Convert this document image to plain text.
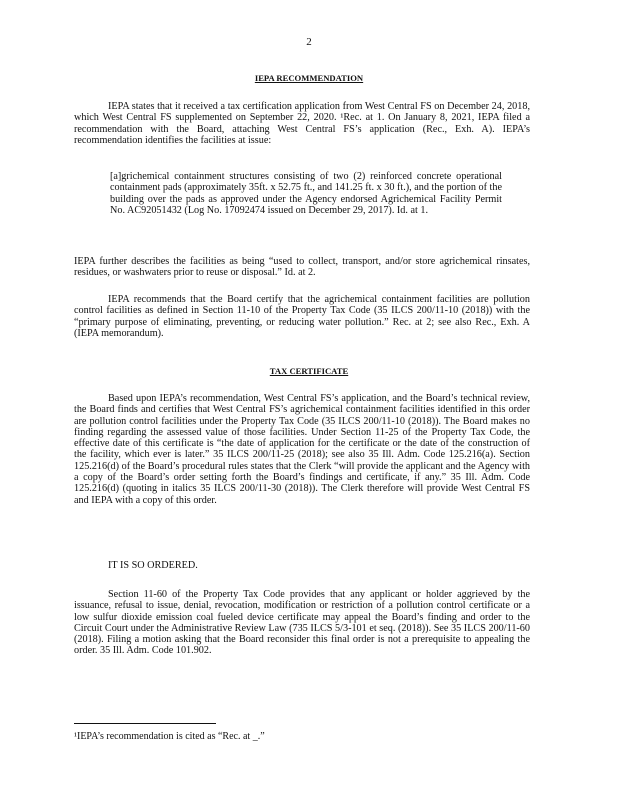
2
IEPA RECOMMENDATION

IEPA states that it received a tax certification application from West Central FS on December 24, 2018, which West Central FS supplemented on September 22, 2020. ¹Rec. at 1. On January 8, 2021, IEPA filed a recommendation with the Board, attaching West Central FS’s application (Rec., Exh. A). IEPA’s recommendation identifies the facilities at issue:

[a]grichemical containment structures consisting of two (2) reinforced concrete operational containment pads (approximately 35ft. x 52.75 ft., and 141.25 ft. x 30 ft.), and the portion of the building over the pads as approved under the Agency endorsed Agrichemical Facility Permit No. AC92051432 (Log No. 17092474 issued on December 29, 2017). Id. at 1.

IEPA further describes the facilities as being “used to collect, transport, and/or store agrichemical rinsates, residues, or washwaters prior to reuse or disposal.” Id. at 2.

IEPA recommends that the Board certify that the agrichemical containment facilities are pollution control facilities as defined in Section 11-10 of the Property Tax Code (35 ILCS 200/11-10 (2018)) with the “primary purpose of eliminating, preventing, or reducing water pollution.” Rec. at 2; see also Rec., Exh. A (IEPA memorandum).

TAX CERTIFICATE

Based upon IEPA’s recommendation, West Central FS’s application, and the Board’s technical review, the Board finds and certifies that West Central FS’s agrichemical containment facilities identified in this order are pollution control facilities under the Property Tax Code (35 ILCS 200/11-10 (2018)). The Board makes no finding regarding the assessed value of those facilities. Under Section 11-25 of the Property Tax Code, the effective date of this certificate is “the date of application for the certificate or the date of the construction of the facility, which ever is later.” 35 ILCS 200/11-25 (2018); see also 35 Ill. Adm. Code 125.216(a). Section 125.216(d) of the Board’s procedural rules states that the Clerk “will provide the applicant and the Agency with a copy of the Board’s order setting forth the Board’s findings and certificate, if any.” 35 Ill. Adm. Code 125.216(d) (quoting in italics 35 ILCS 200/11-30 (2018)). The Clerk therefore will provide West Central FS and IEPA with a copy of this order.

IT IS SO ORDERED.

Section 11-60 of the Property Tax Code provides that any applicant or holder aggrieved by the issuance, refusal to issue, denial, revocation, modification or restriction of a pollution control certificate or a low sulfur dioxide emission coal fueled device certificate may appeal the Board’s finding and order to the Circuit Court under the Administrative Review Law (735 ILCS 5/3-101 et seq. (2018)). See 35 ILCS 200/11-60 (2018). Filing a motion asking that the Board reconsider this final order is not a prerequisite to appealing the order. 35 Ill. Adm. Code 101.902.

¹IEPA’s recommendation is cited as “Rec. at _.”
